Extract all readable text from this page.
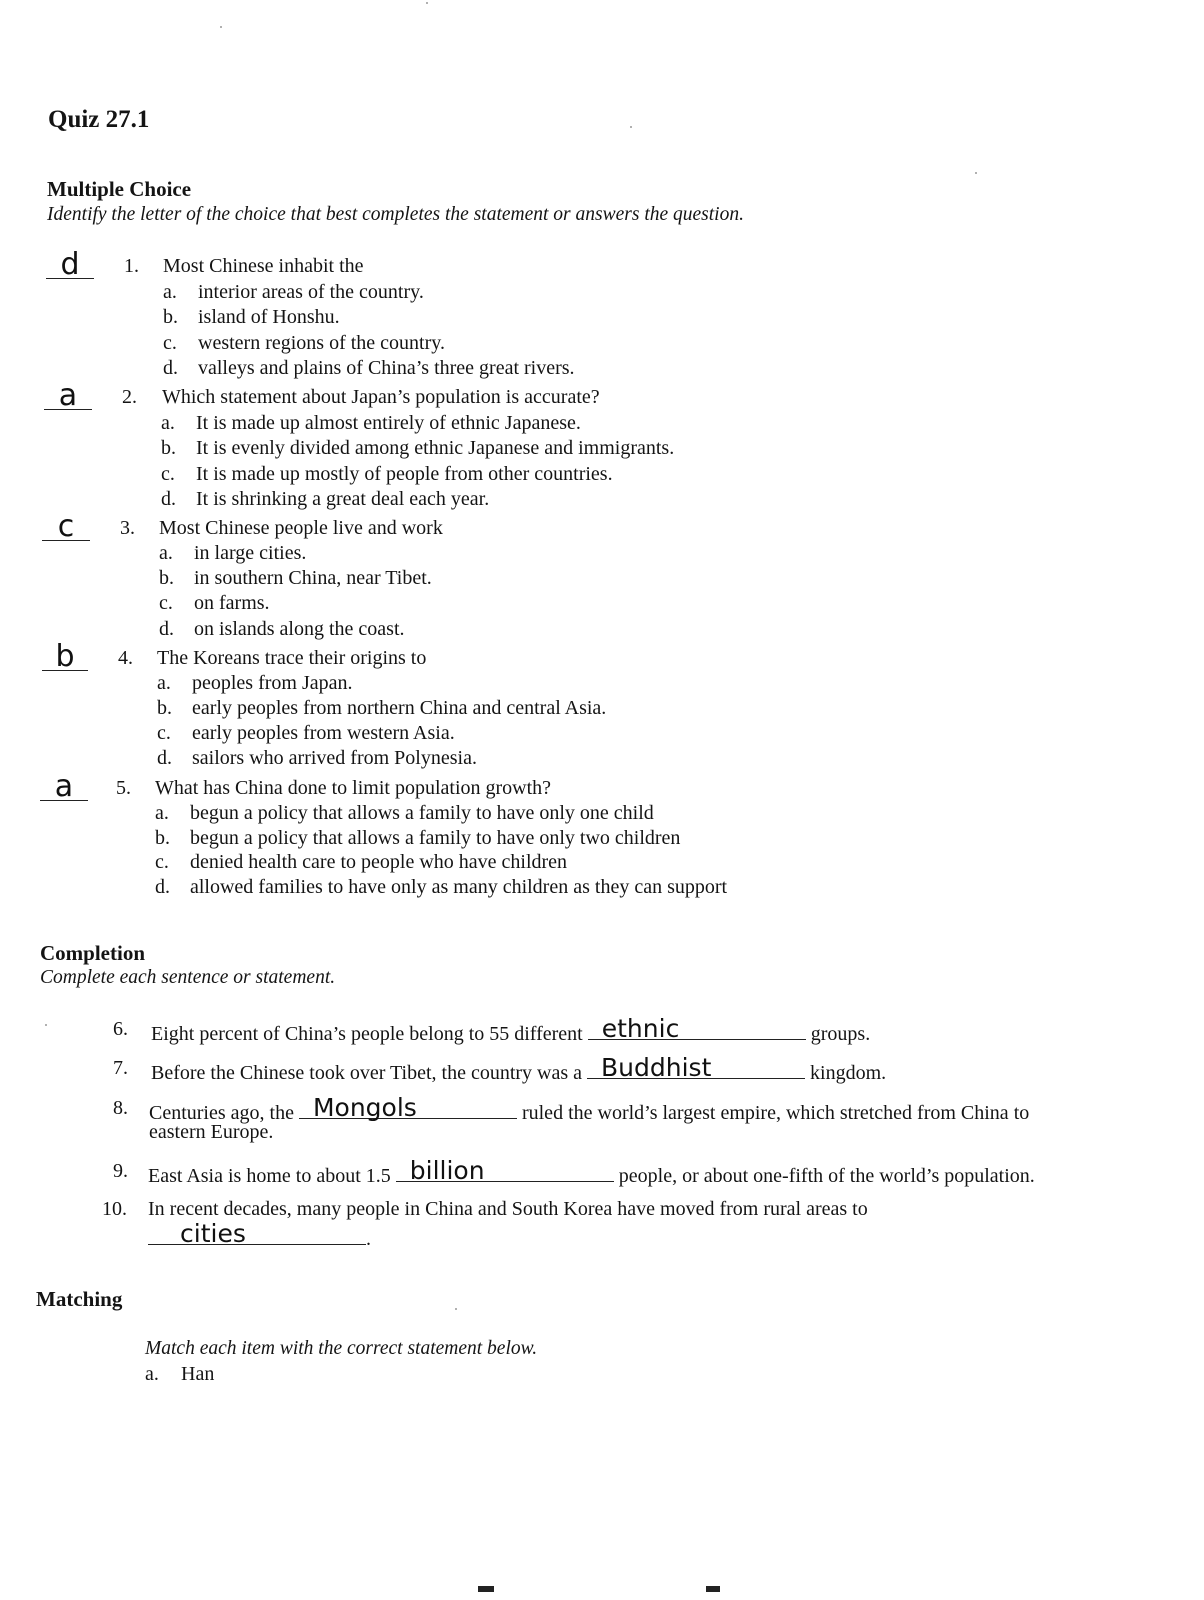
Quiz 27.1
Multiple Choice
Identify the letter of the choice that best completes the statement or answers the question.
d 1. Most Chinese inhabit the
a. interior areas of the country.
b. island of Honshu.
c. western regions of the country.
d. valleys and plains of China’s three great rivers.
a 2. Which statement about Japan’s population is accurate?
a. It is made up almost entirely of ethnic Japanese.
b. It is evenly divided among ethnic Japanese and immigrants.
c. It is made up mostly of people from other countries.
d. It is shrinking a great deal each year.
c 3. Most Chinese people live and work
a. in large cities.
b. in southern China, near Tibet.
c. on farms.
d. on islands along the coast.
b 4. The Koreans trace their origins to
a. peoples from Japan.
b. early peoples from northern China and central Asia.
c. early peoples from western Asia.
d. sailors who arrived from Polynesia.
a 5. What has China done to limit population growth?
a. begun a policy that allows a family to have only one child
b. begun a policy that allows a family to have only two children
c. denied health care to people who have children
d. allowed families to have only as many children as they can support
Completion
Complete each sentence or statement.
6. Eight percent of China’s people belong to 55 different ethnic	groups.
7. Before the Chinese took over Tibet, the country was a Buddhist	kingdom.
8. Centuries ago, the Mongols	ruled the world’s largest empire, which stretched from China to
eastern Europe.
9. East Asia is home to about 1.5 billion	people, or about one-fifth of the world’s population.
10. In recent decades, many people in China and South Korea have moved from rural areas to
cities	.
Matching
Match each item with the correct statement below.
a. Han
